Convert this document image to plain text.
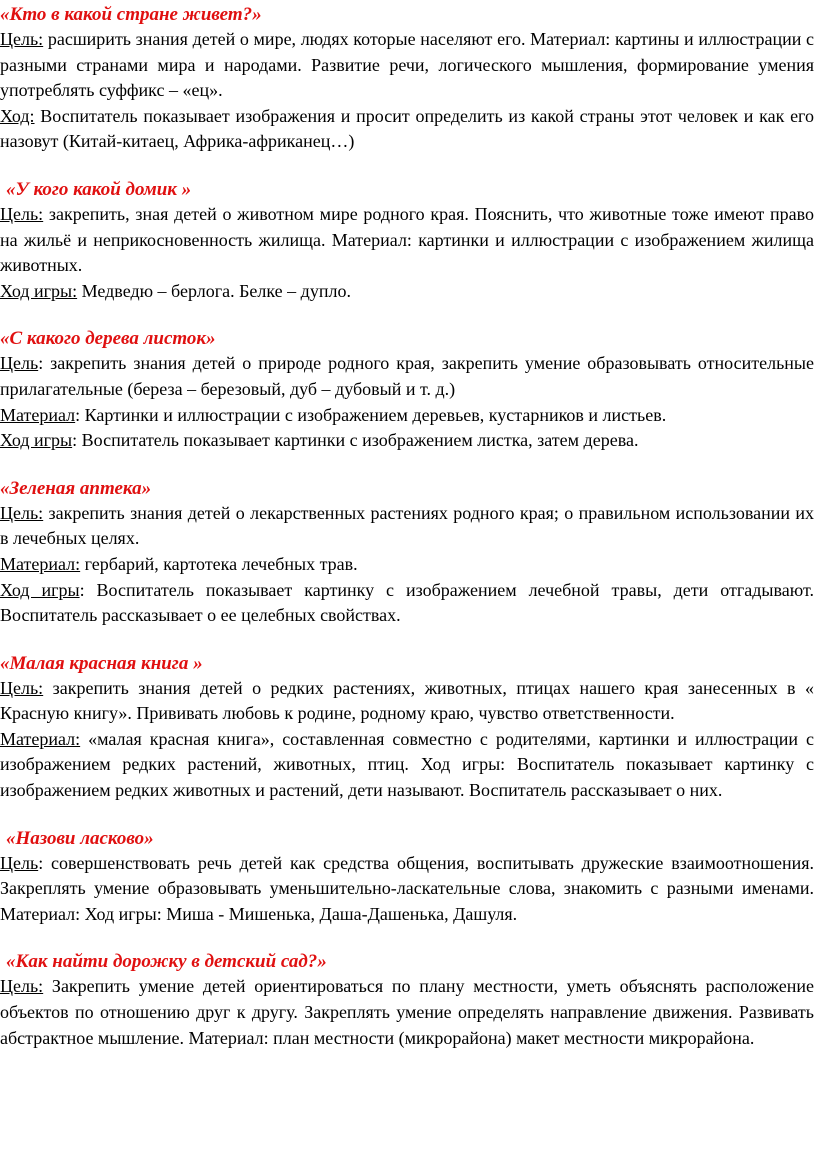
«Кто в какой стране живет?»

Цель: расширить знания детей о мире, людях которые населяют его. Материал: картины и иллюстрации с разными странами мира и народами. Развитие речи, логического мышления, формирование умения употреблять суффикс – «ец».

Ход: Воспитатель показывает изображения и просит определить из какой страны этот человек и как его назовут (Китай-китаец, Африка-африканец…)

«У кого какой домик »

Цель: закрепить, зная детей о животном мире родного края. Пояснить, что животные тоже имеют право на жильё и неприкосновенность жилища. Материал: картинки и иллюстрации с изображением жилища животных.

Ход игры: Медведю – берлога. Белке – дупло.

«С какого дерева листок»

Цель: закрепить знания детей о природе родного края, закрепить умение образовывать относительные прилагательные (береза – березовый, дуб – дубовый и т. д.)

Материал: Картинки и иллюстрации с изображением деревьев, кустарников и листьев.

Ход игры: Воспитатель показывает картинки с изображением листка, затем дерева.

«Зеленая аптека»

Цель: закрепить знания детей о лекарственных растениях родного края; о правильном использовании их в лечебных целях.

Материал: гербарий, картотека лечебных трав.

Ход игры: Воспитатель показывает картинку с изображением лечебной травы, дети отгадывают. Воспитатель рассказывает о ее целебных свойствах.

«Малая красная книга »

Цель: закрепить знания детей о редких растениях, животных, птицах нашего края занесенных в « Красную книгу». Прививать любовь к родине, родному краю, чувство ответственности.

Материал: «малая красная книга», составленная совместно с родителями, картинки и иллюстрации с изображением редких растений, животных, птиц. Ход игры: Воспитатель показывает картинку с изображением редких животных и растений, дети называют. Воспитатель рассказывает о них.

«Назови ласково»

Цель: совершенствовать речь детей как средства общения, воспитывать дружеские взаимоотношения. Закреплять умение образовывать уменьшительно-ласкательные слова, знакомить с разными именами. Материал: Ход игры: Миша - Мишенька, Даша-Дашенька, Дашуля.

«Как найти дорожку в детский сад?»

Цель: Закрепить умение детей ориентироваться по плану местности, уметь объяснять расположение объектов по отношению друг к другу. Закреплять умение определять направление движения. Развивать абстрактное мышление. Материал: план местности (микрорайона) макет местности микрорайона.
